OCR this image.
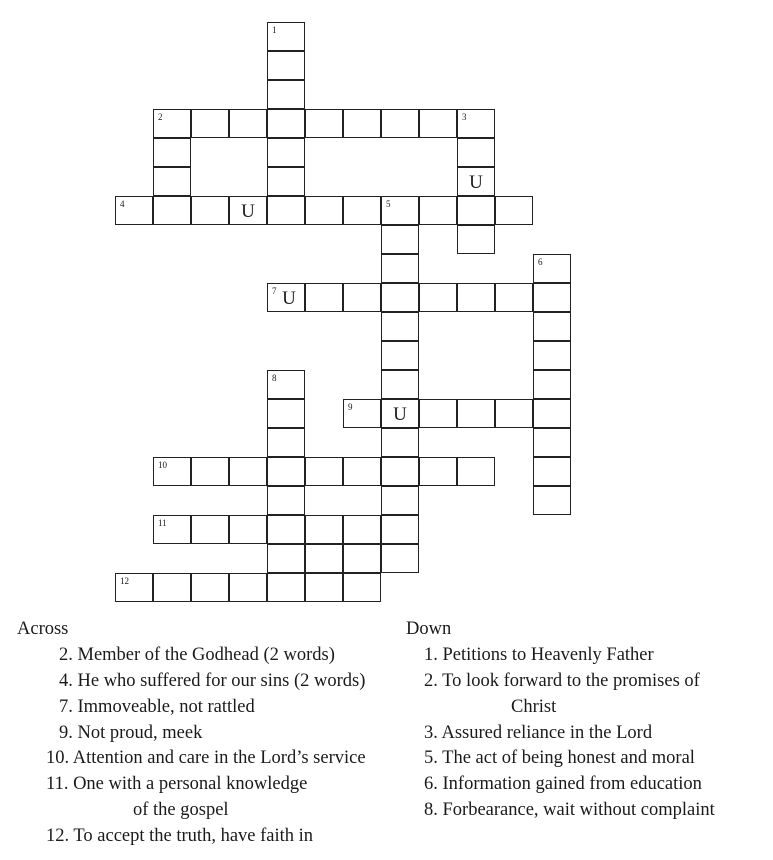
1
2	3
U
4	U	5
6
7 U
8
9	U
10
11
12
Across	Down
2. Member of the Godhead (2 words)
4. He who suffered for our sins (2 words)
7. Immoveable, not rattled
9. Not proud, meek
10. Attention and care in the Lord’s service
11. One with a personal knowledge
of the gospel
12. To accept the truth, have faith in
1. Petitions to Heavenly Father
2. To look forward to the promises of
Christ
3. Assured reliance in the Lord
5. The act of being honest and moral
6. Information gained from education
8. Forbearance, wait without complaint
